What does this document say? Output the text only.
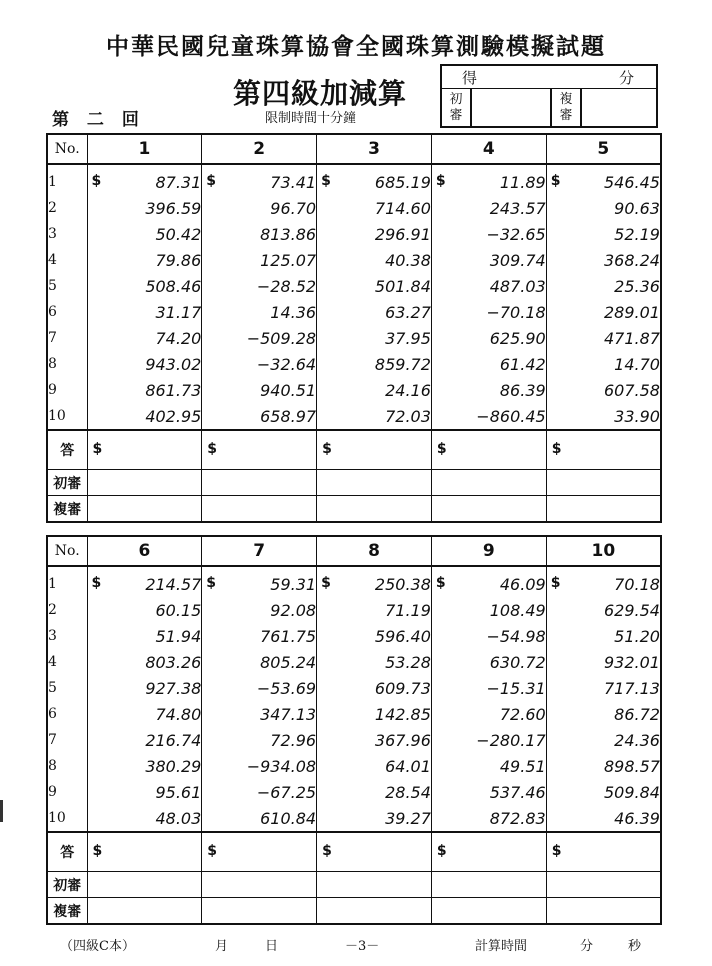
中華民國兒童珠算協會全國珠算測驗模擬試題
第四級加減算
第 二 回	限制時間十分鐘
得	分
初審
複審
No.	1	2	3	4	5
1	$ 87.31	$ 73.41	$ 685.19	$ 11.89	$ 546.45
2	396.59	96.70	714.60	243.57	90.63
3	50.42	813.86	296.91	−32.65	52.19
4	79.86	125.07	40.38	309.74	368.24
5	508.46	−28.52	501.84	487.03	25.36
6	31.17	14.36	63.27	−70.18	289.01
7	74.20	−509.28	37.95	625.90	471.87
8	943.02	−32.64	859.72	61.42	14.70
9	861.73	940.51	24.16	86.39	607.58
10	402.95	658.97	72.03	−860.45	33.90
答	$	$	$	$	$

初審					
複審					
No.	6	7	8	9	10
1	$ 214.57	$ 59.31	$ 250.38	$ 46.09	$ 70.18
2	60.15	92.08	71.19	108.49	629.54
3	51.94	761.75	596.40	−54.98	51.20
4	803.26	805.24	53.28	630.72	932.01
5	927.38	−53.69	609.73	−15.31	717.13
6	74.80	347.13	142.85	72.60	86.72
7	216.74	72.96	367.96	−280.17	24.36
8	380.29	−934.08	64.01	49.51	898.57
9	95.61	−67.25	28.54	537.46	509.84
10	48.03	610.84	39.27	872.83	46.39
答	$	$	$	$	$

初審					
複審					
（四級C本）	月	日	－3－	計算時間	分	秒
